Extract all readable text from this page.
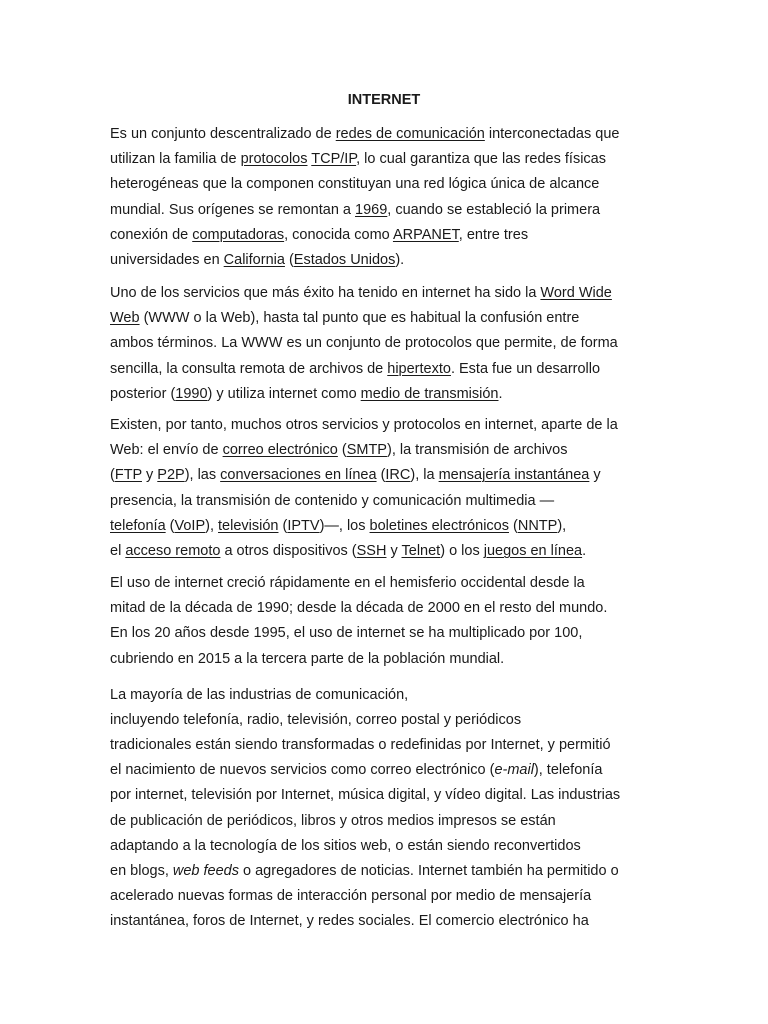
INTERNET
Es un conjunto descentralizado de redes de comunicación interconectadas que
utilizan la familia de protocolos TCP/IP, lo cual garantiza que las redes físicas
heterogéneas que la componen constituyan una red lógica única de alcance
mundial. Sus orígenes se remontan a 1969, cuando se estableció la primera
conexión de computadoras, conocida como ARPANET, entre tres
universidades en California (Estados Unidos).
Uno de los servicios que más éxito ha tenido en internet ha sido la Word Wide
Web (WWW o la Web), hasta tal punto que es habitual la confusión entre
ambos términos. La WWW es un conjunto de protocolos que permite, de forma
sencilla, la consulta remota de archivos de hipertexto. Esta fue un desarrollo
posterior (1990) y utiliza internet como medio de transmisión.
Existen, por tanto, muchos otros servicios y protocolos en internet, aparte de la
Web: el envío de correo electrónico (SMTP), la transmisión de archivos
(FTP y P2P), las conversaciones en línea (IRC), la mensajería instantánea y
presencia, la transmisión de contenido y comunicación multimedia —
telefonía (VoIP), televisión (IPTV)—, los boletines electrónicos (NNTP),
el acceso remoto a otros dispositivos (SSH y Telnet) o los juegos en línea.
El uso de internet creció rápidamente en el hemisferio occidental desde la
mitad de la década de 1990; desde la década de 2000 en el resto del mundo.
En los 20 años desde 1995, el uso de internet se ha multiplicado por 100,
cubriendo en 2015 a la tercera parte de la población mundial.
La mayoría de las industrias de comunicación,
incluyendo telefonía, radio, televisión, correo postal y periódicos
tradicionales están siendo transformadas o redefinidas por Internet, y permitió
el nacimiento de nuevos servicios como correo electrónico (e-mail), telefonía
por internet, televisión por Internet, música digital, y vídeo digital. Las industrias
de publicación de periódicos, libros y otros medios impresos se están
adaptando a la tecnología de los sitios web, o están siendo reconvertidos
en blogs, web feeds o agregadores de noticias. Internet también ha permitido o
acelerado nuevas formas de interacción personal por medio de mensajería
instantánea, foros de Internet, y redes sociales. El comercio electrónico ha
